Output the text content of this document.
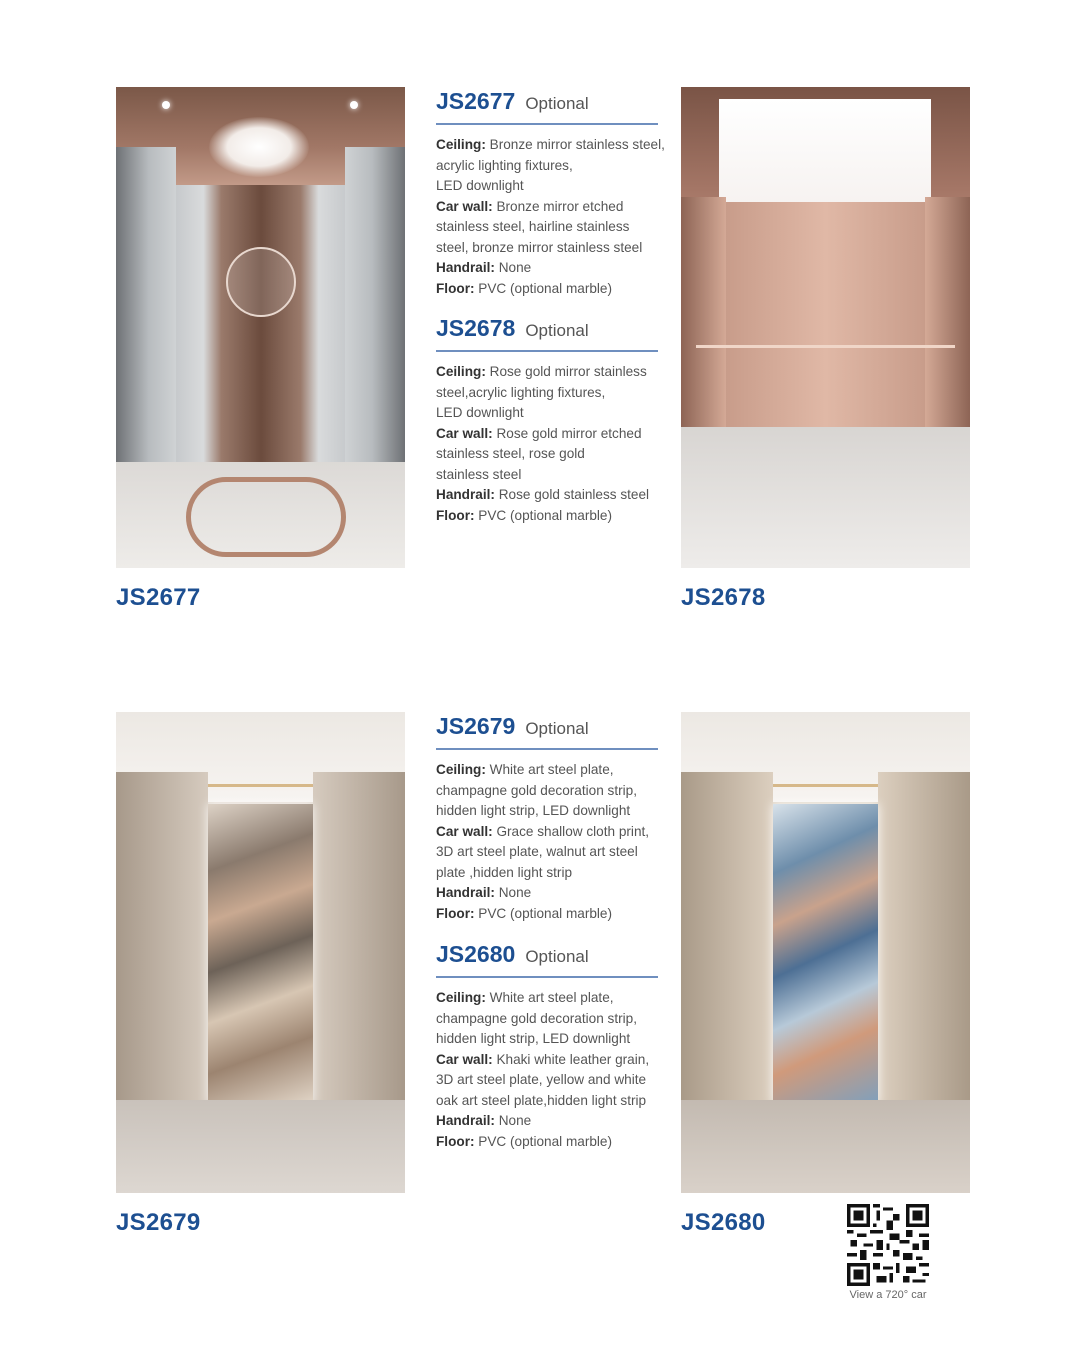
JS2677	JS2678
JS2679	JS2680
JS2677 Optional

Ceiling: Bronze mirror stainless steel,

acrylic lighting fixtures,

LED downlight

Car wall: Bronze mirror etched

stainless steel, hairline stainless

steel, bronze mirror stainless steel

Handrail: None

Floor: PVC (optional marble)

JS2678 Optional

Ceiling: Rose gold mirror stainless

steel,acrylic lighting fixtures,

LED downlight

Car wall: Rose gold mirror etched

stainless steel, rose gold

stainless steel

Handrail: Rose gold stainless steel

Floor: PVC (optional marble)

JS2679 Optional

Ceiling: White art steel plate,

champagne gold decoration strip,

hidden light strip, LED downlight

Car wall: Grace shallow cloth print,

3D art steel plate, walnut art steel

plate ,hidden light strip

Handrail: None

Floor: PVC (optional marble)

JS2680 Optional

Ceiling: White art steel plate,

champagne gold decoration strip,

hidden light strip, LED downlight

Car wall: Khaki white leather grain,

3D art steel plate, yellow and white

oak art steel plate,hidden light strip

Handrail: None

Floor: PVC (optional marble)

View a 720° car
